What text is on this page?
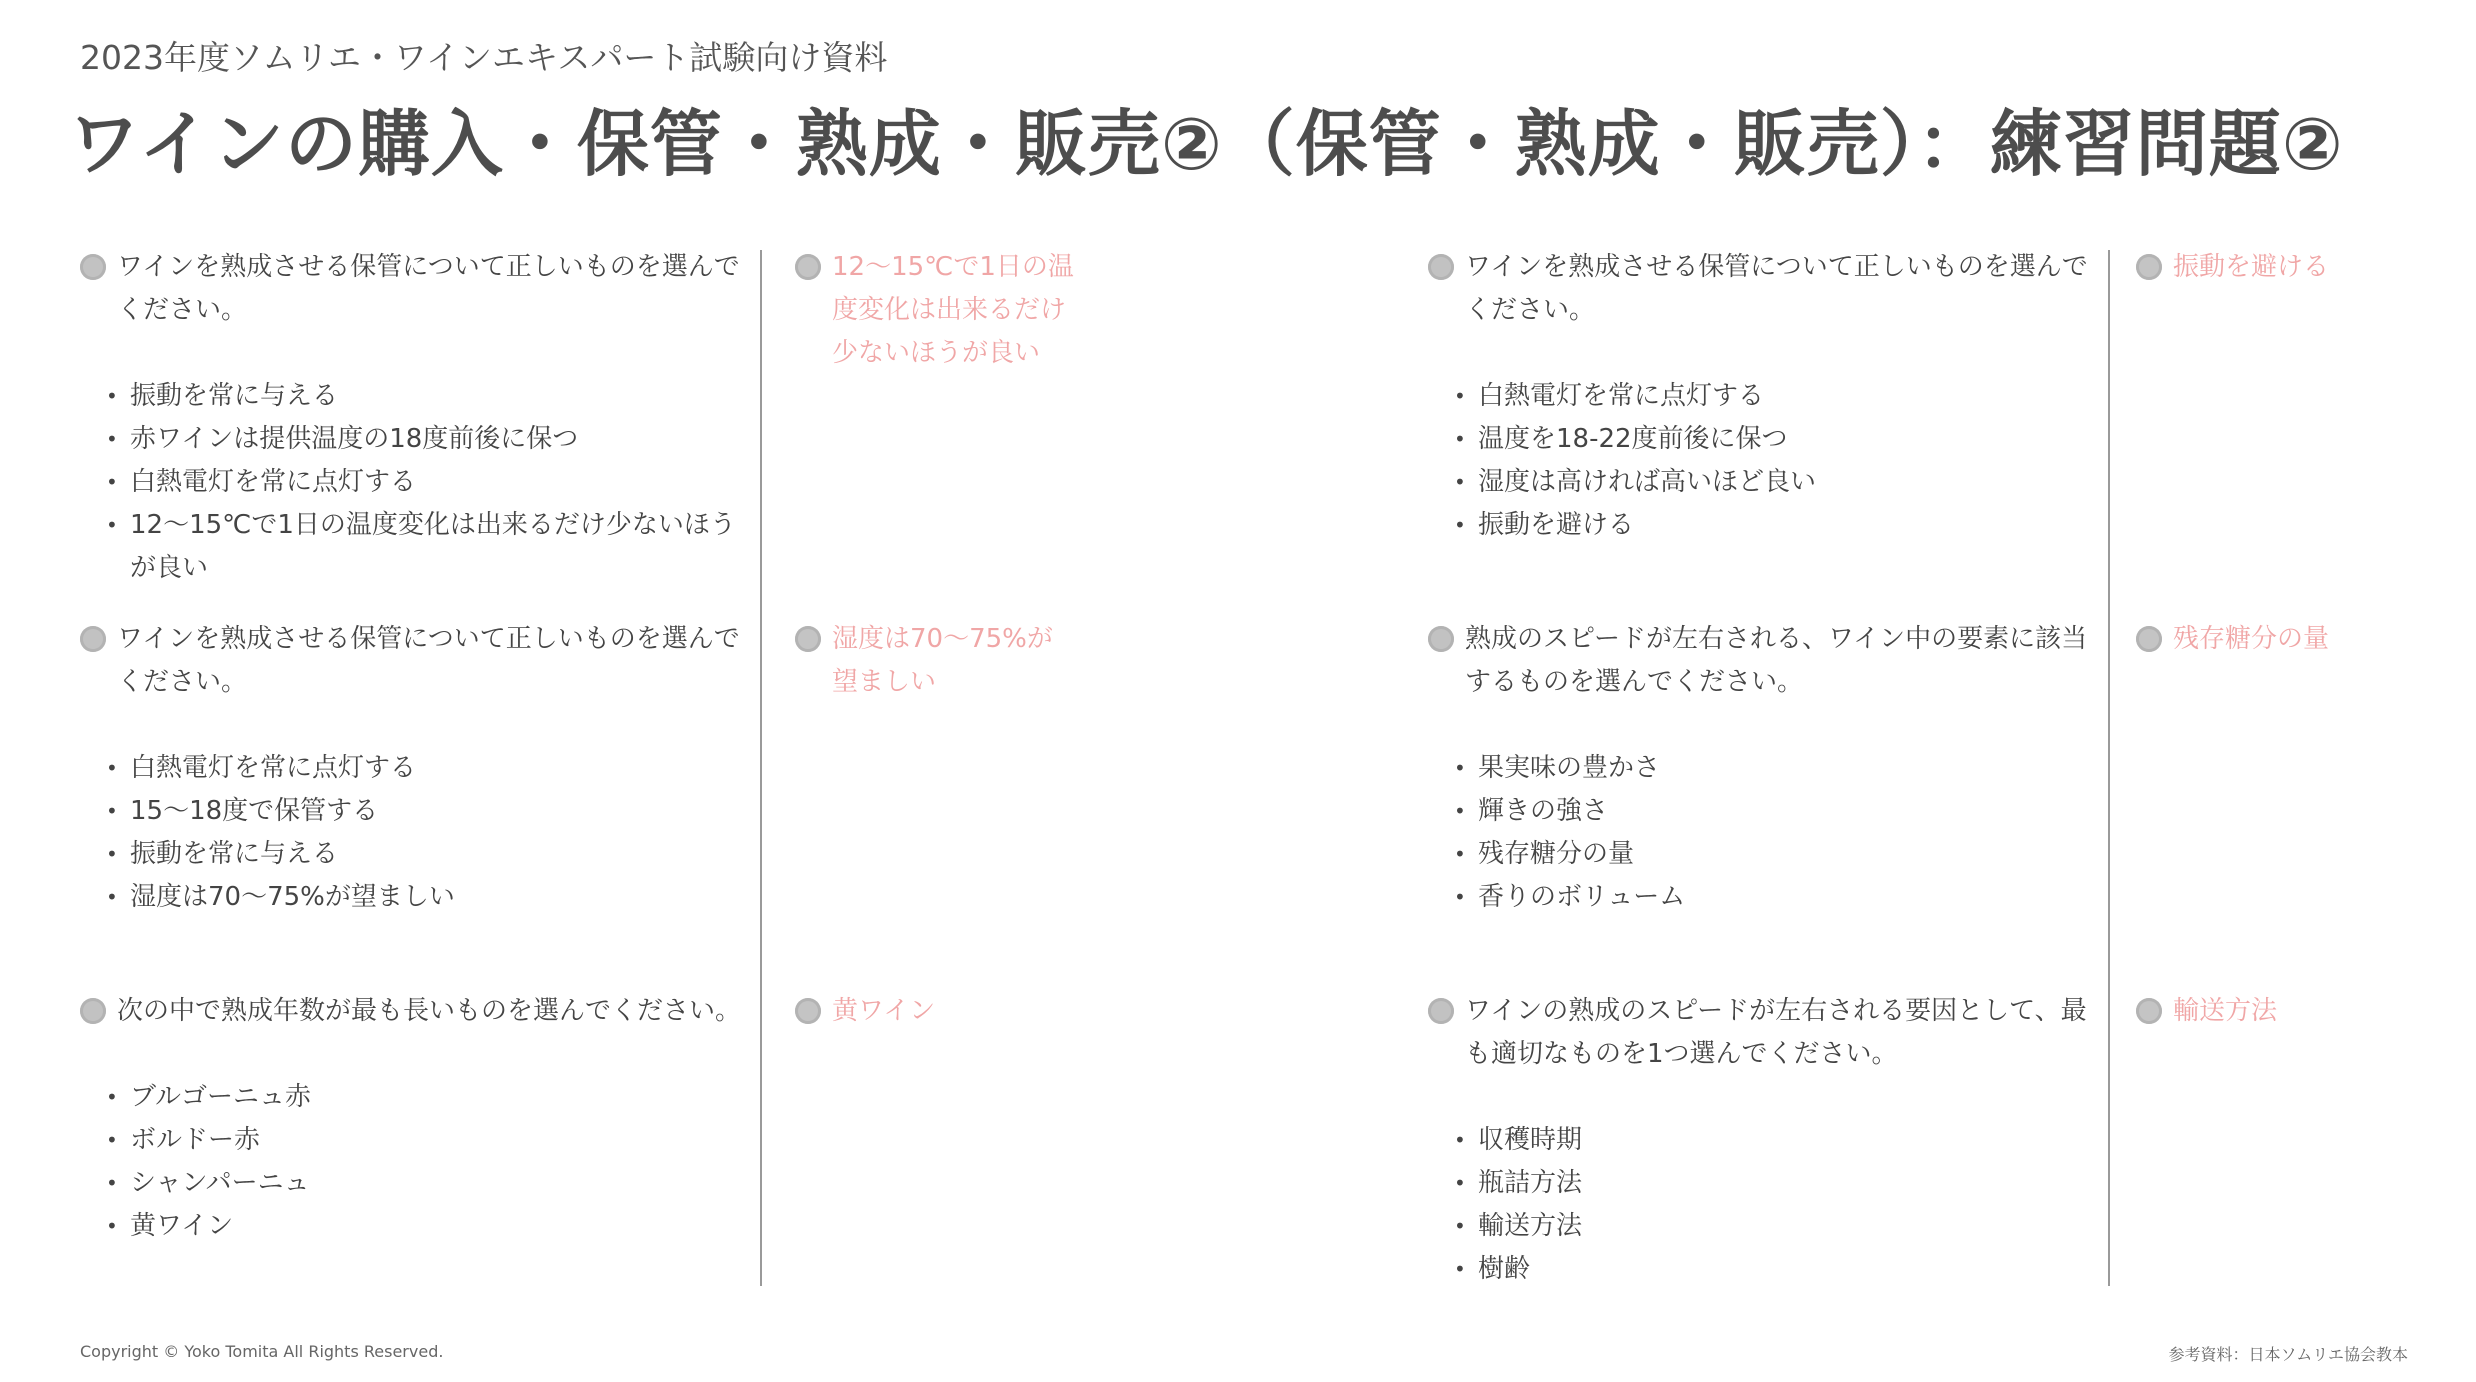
2023年度ソムリエ・ワインエキスパート試験向け資料
ワインの購入・保管・熟成・販売②（保管・熟成・販売）：練習問題②
ワインを熟成させる保管について正しいものを選んでください。
• 振動を常に与える
• 赤ワインは提供温度の18度前後に保つ
• 白熱電灯を常に点灯する
• 12〜15℃で1日の温度変化は出来るだけ少ないほうが良い
12〜15℃で1日の温度変化は出来るだけ少ないほうが良い
ワインを熟成させる保管について正しいものを選んでください。
• 白熱電灯を常に点灯する
• 15〜18度で保管する
• 振動を常に与える
• 湿度は70〜75%が望ましい
湿度は70〜75%が望ましい
次の中で熟成年数が最も長いものを選んでください。
• ブルゴーニュ赤
• ボルドー赤
• シャンパーニュ
• 黄ワイン
黄ワイン
ワインを熟成させる保管について正しいものを選んでください。
• 白熱電灯を常に点灯する
• 温度を18-22度前後に保つ
• 湿度は高ければ高いほど良い
• 振動を避ける
振動を避ける
熟成のスピードが左右される、ワイン中の要素に該当するものを選んでください。
• 果実味の豊かさ
• 輝きの強さ
• 残存糖分の量
• 香りのボリューム
残存糖分の量
ワインの熟成のスピードが左右される要因として、最も適切なものを1つ選んでください。
• 収穫時期
• 瓶詰方法
• 輸送方法
• 樹齢
輸送方法
Copyright © Yoko Tomita All Rights Reserved.	参考資料：日本ソムリエ協会教本
